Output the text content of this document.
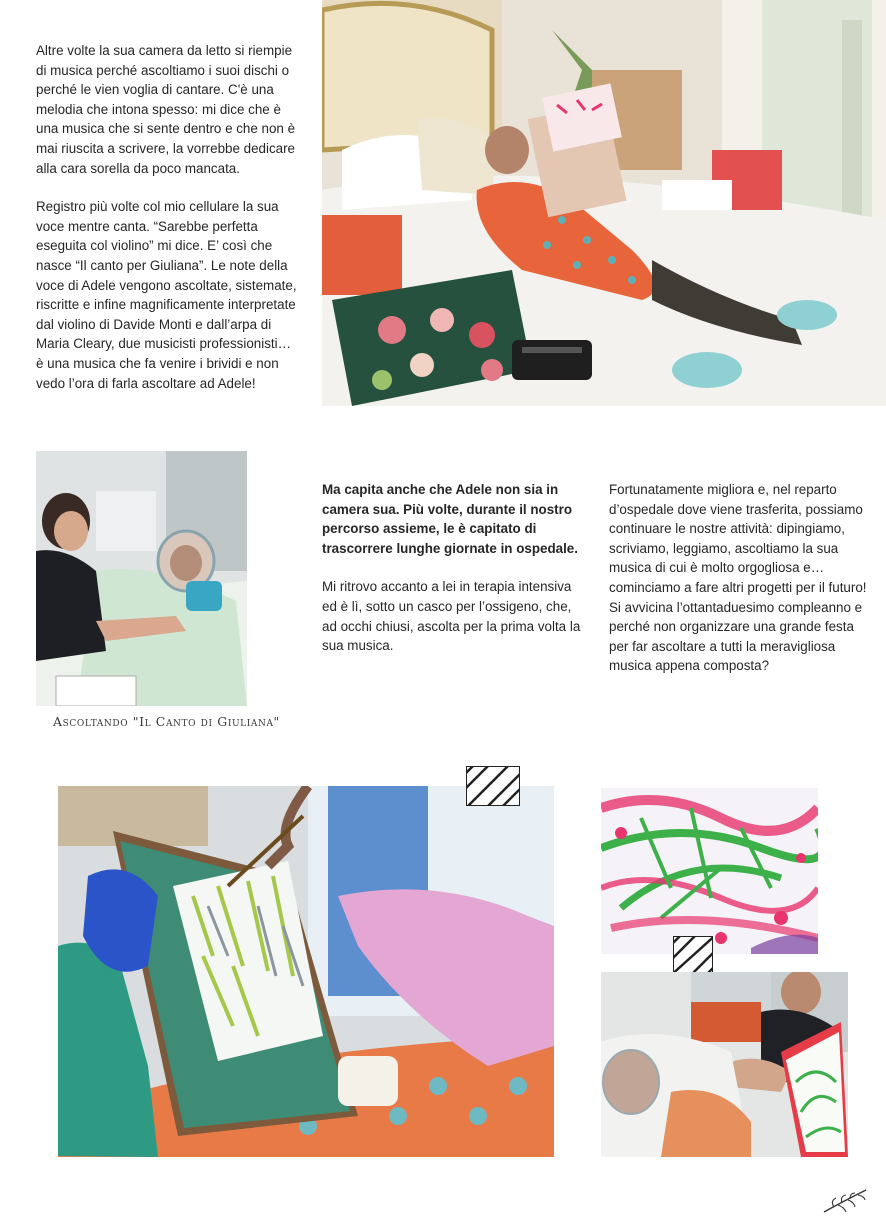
Altre volte la sua camera da letto si riempie di musica perché ascoltiamo i suoi dischi o perché le vien voglia di cantare. C'è una melodia che intona spesso: mi dice che è una musica che si sente dentro e che non è mai riuscita a scrivere, la vorrebbe dedicare alla cara sorella da poco mancata.

Registro più volte col mio cellulare la sua voce mentre canta. “Sarebbe perfetta eseguita col violino” mi dice. E’ così che nasce “Il canto per Giuliana”. Le note della voce di Adele vengono ascoltate, sistemate, riscritte e infine magnificamente interpretate dal violino di Davide Monti e dall’arpa di Maria Cleary, due musicisti professionisti… è una musica che fa venire i brividi e non vedo l’ora di farla ascoltare ad Adele!

Ascoltando "Il Canto di Giuliana"

Ma capita anche che Adele non sia in camera sua. Più volte, durante il nostro percorso assieme, le è capitato di trascorrere lunghe giornate in ospedale.

Mi ritrovo accanto a lei in terapia intensiva ed è lì, sotto un casco per l’ossigeno, che, ad occhi chiusi, ascolta per la prima volta la sua musica.

Fortunatamente migliora e, nel reparto d’ospedale dove viene trasferita, possiamo continuare le nostre attività: dipingiamo, scriviamo, leggiamo, ascoltiamo la sua musica di cui è molto orgogliosa e… cominciamo a fare altri progetti per il futuro! Si avvicina l’ottantaduesimo compleanno e perché non organizzare una grande festa per far ascoltare a tutti la meravigliosa musica appena composta?
